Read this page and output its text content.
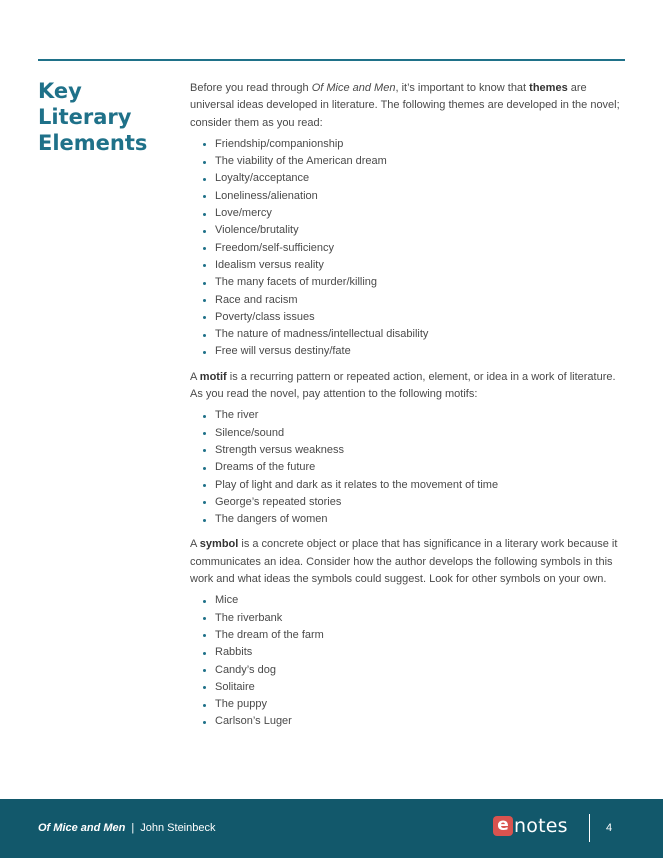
Key Literary Elements

Before you read through Of Mice and Men, it’s important to know that themes are universal ideas developed in literature. The following themes are developed in the novel; consider them as you read:

Friendship/companionship
The viability of the American dream
Loyalty/acceptance
Loneliness/alienation
Love/mercy
Violence/brutality
Freedom/self-sufficiency
Idealism versus reality
The many facets of murder/killing
Race and racism
Poverty/class issues
The nature of madness/intellectual disability
Free will versus destiny/fate

A motif is a recurring pattern or repeated action, element, or idea in a work of literature. As you read the novel, pay attention to the following motifs:

The river
Silence/sound
Strength versus weakness
Dreams of the future
Play of light and dark as it relates to the movement of time
George’s repeated stories
The dangers of women

A symbol is a concrete object or place that has significance in a literary work because it communicates an idea. Consider how the author develops the following symbols in this work and what ideas the symbols could suggest. Look for other symbols on your own.

Mice
The riverbank
The dream of the farm
Rabbits
Candy’s dog
Solitaire
The puppy
Carlson’s Luger
Of Mice and Men | John Steinbeck	e notes	4
